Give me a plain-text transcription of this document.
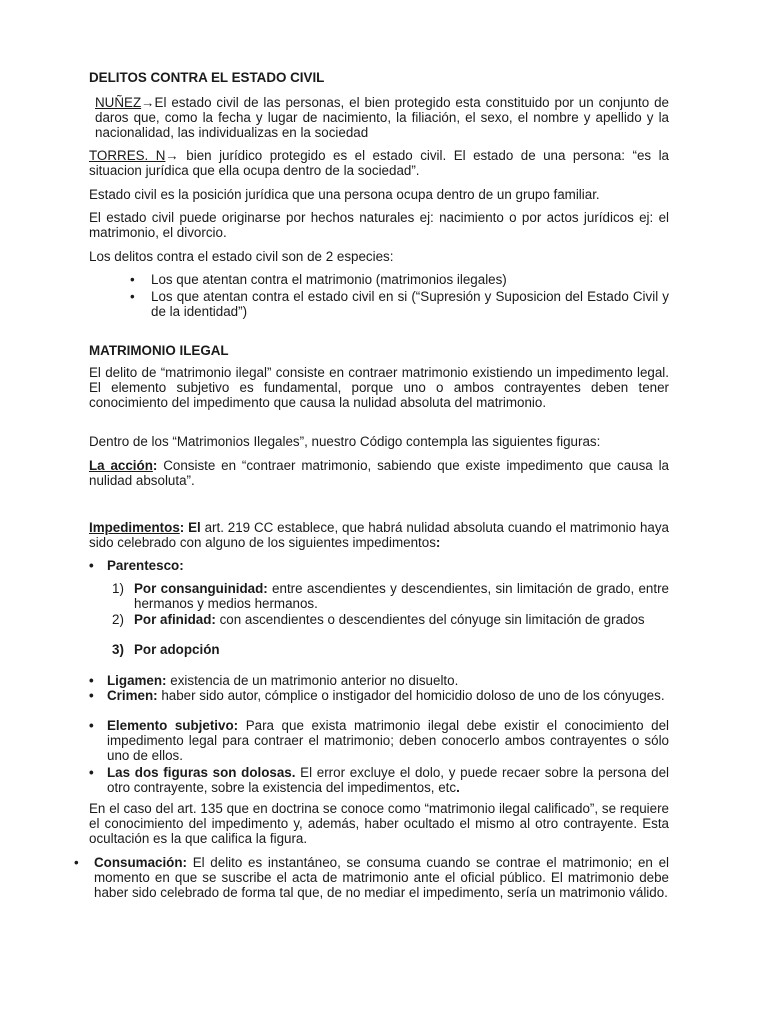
DELITOS CONTRA EL ESTADO CIVIL

NUÑEZ→El estado civil de las personas, el bien protegido esta constituido por un conjunto de daros que, como la fecha y lugar de nacimiento, la filiación, el sexo, el nombre y apellido y la nacionalidad, las individualizas en la sociedad

TORRES. N→ bien jurídico protegido es el estado civil. El estado de una persona: “es la situacion jurídica que ella ocupa dentro de la sociedad”.

Estado civil es la posición jurídica que una persona ocupa dentro de un grupo familiar.

El estado civil puede originarse por hechos naturales ej: nacimiento o por actos jurídicos ej: el matrimonio, el divorcio.

Los delitos contra el estado civil son de 2 especies:

• Los que atentan contra el matrimonio (matrimonios ilegales)

• Los que atentan contra el estado civil en si (“Supresión y Suposicion del Estado Civil y de la identidad”)

MATRIMONIO ILEGAL

El delito de “matrimonio ilegal” consiste en contraer matrimonio existiendo un impedimento legal. El elemento subjetivo es fundamental, porque uno o ambos contrayentes deben tener conocimiento del impedimento que causa la nulidad absoluta del matrimonio.

Dentro de los “Matrimonios Ilegales”, nuestro Código contempla las siguientes figuras:

La acción: Consiste en “contraer matrimonio, sabiendo que existe impedimento que causa la nulidad absoluta”.

Impedimentos: El art. 219 CC establece, que habrá nulidad absoluta cuando el matrimonio haya sido celebrado con alguno de los siguientes impedimentos:

• Parentesco:
1) Por consanguinidad: entre ascendientes y descendientes, sin limitación de grado, entre hermanos y medios hermanos.

2) Por afinidad: con ascendientes o descendientes del cónyuge sin limitación de grados

3) Por adopción

• Ligamen: existencia de un matrimonio anterior no disuelto.

• Crimen: haber sido autor, cómplice o instigador del homicidio doloso de uno de los cónyuges.

• Elemento subjetivo: Para que exista matrimonio ilegal debe existir el conocimiento del impedimento legal para contraer el matrimonio; deben conocerlo ambos contrayentes o sólo uno de ellos.

• Las dos figuras son dolosas. El error excluye el dolo, y puede recaer sobre la persona del otro contrayente, sobre la existencia del impedimentos, etc.

En el caso del art. 135 que en doctrina se conoce como “matrimonio ilegal calificado”, se requiere el conocimiento del impedimento y, además, haber ocultado el mismo al otro contrayente. Esta ocultación es la que califica la figura.

• Consumación: El delito es instantáneo, se consuma cuando se contrae el matrimonio; en el momento en que se suscribe el acta de matrimonio ante el oficial público. El matrimonio debe haber sido celebrado de forma tal que, de no mediar el impedimento, sería un matrimonio válido.
